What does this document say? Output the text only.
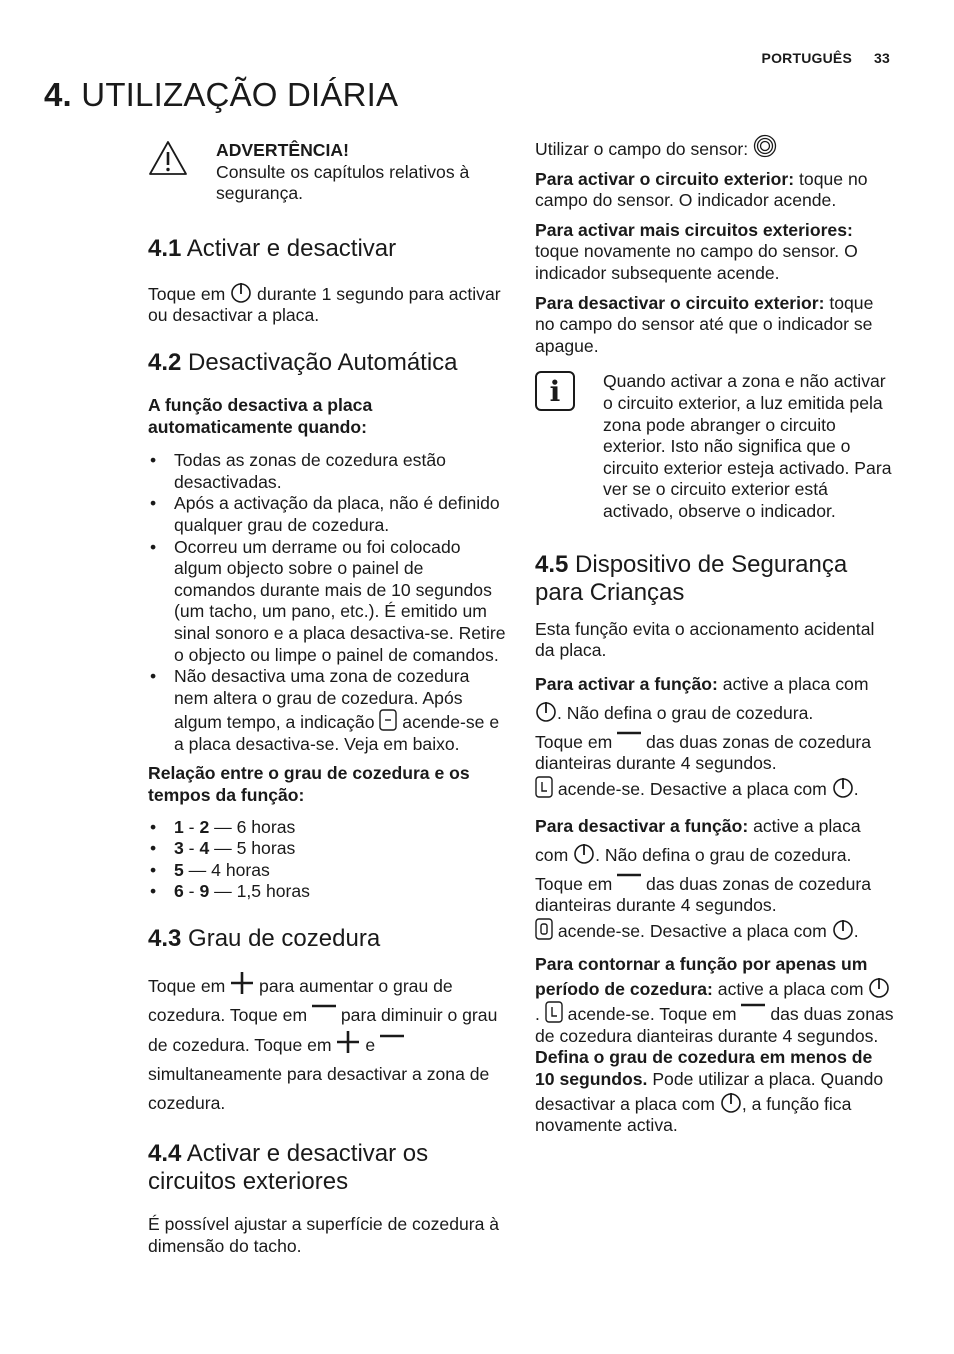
PORTUGUÊS 33
4. UTILIZAÇÃO DIÁRIA
ADVERTÊNCIA!
Consulte os capítulos relativos à segurança.
4.1 Activar e desactivar

Toque em durante 1 segundo para activar ou desactivar a placa.

4.2 Desactivação Automática

A função desactiva a placa automaticamente quando:

• Todas as zonas de cozedura estão desactivadas.
• Após a activação da placa, não é definido qualquer grau de cozedura.
• Ocorreu um derrame ou foi colocado algum objecto sobre o painel de comandos durante mais de 10 segundos (um tacho, um pano, etc.). É emitido um sinal sonoro e a placa desactiva-se. Retire o objecto ou limpe o painel de comandos.
• Não desactiva uma zona de cozedura nem altera o grau de cozedura. Após algum tempo, a indicação acende-se e a placa desactiva-se. Veja em baixo.

Relação entre o grau de cozedura e os tempos da função:

• 1 - 2 — 6 horas
• 3 - 4 — 5 horas
• 5 — 4 horas
• 6 - 9 — 1,5 horas
4.3 Grau de cozedura

Toque em para aumentar o grau de cozedura. Toque em para diminuir o grau de cozedura. Toque em e  simultaneamente para desactivar a zona de cozedura.

4.4 Activar e desactivar os circuitos exteriores

É possível ajustar a superfície de cozedura à dimensão do tacho.

Utilizar o campo do sensor:

Para activar o circuito exterior: toque no campo do sensor. O indicador acende.

Para activar mais circuitos exteriores: toque novamente no campo do sensor. O indicador subsequente acende.

Para desactivar o circuito exterior: toque no campo do sensor até que o indicador se apague.

i	Quando activar a zona e não activar o circuito exterior, a luz emitida pela zona pode abranger o circuito exterior. Isto não significa que o circuito exterior esteja activado. Para ver se o circuito exterior está activado, observe o indicador.

4.5 Dispositivo de Segurança para Crianças

Esta função evita o accionamento acidental da placa.

Para activar a função: active a placa com . Não defina o grau de cozedura.

Toque em das duas zonas de cozedura dianteiras durante 4 segundos.

acende-se. Desactive a placa com .

Para desactivar a função: active a placa com . Não defina o grau de cozedura.

Toque em das duas zonas de cozedura dianteiras durante 4 segundos.

acende-se. Desactive a placa com .

Para contornar a função por apenas um período de cozedura: active a placa com . acende-se. Toque em das duas zonas de cozedura dianteiras durante 4 segundos. Defina o grau de cozedura em menos de 10 segundos. Pode utilizar a placa. Quando desactivar a placa com , a função fica novamente activa.
